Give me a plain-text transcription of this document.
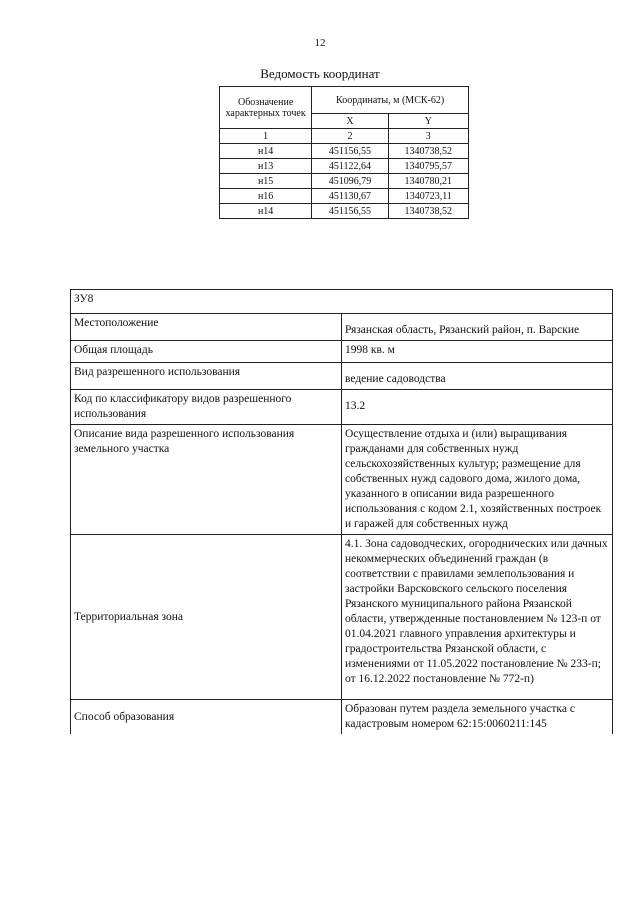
12
Ведомость координат
Обозначение характерных точек	Координаты, м (МСК-62)	
	X	Y
1	2	3
н14	451156,55	1340738,52
н13	451122,64	1340795,57
н15	451096,79	1340780,21
н16	451130,67	1340723,11
н14	451156,55	1340738,52
ЗУ8	
Местоположение	Рязанская область, Рязанский район, п. Варские
Общая площадь	1998 кв. м
Вид разрешенного использования	ведение садоводства
Код по классификатору видов разрешенного использования	13.2
Описание вида разрешенного использования земельного участка	Осуществление отдыха и (или) выращивания гражданами для собственных нужд сельскохозяйственных культур; размещение для собственных нужд садового дома, жилого дома, указанного в описании вида разрешенного использования с кодом 2.1, хозяйственных построек и гаражей для собственных нужд
Территориальная зона	4.1. Зона садоводческих, огороднических или дачных некоммерческих объединений граждан (в соответствии с правилами землепользования и застройки Варсковского сельского поселения Рязанского муниципального района Рязанской области, утвержденные постановлением № 123-п от 01.04.2021 главного управления архитектуры и градостроительства Рязанской области, с изменениями от 11.05.2022 постановление № 233-п; от 16.12.2022 постановление № 772-п)
Способ образования	Образован путем раздела земельного участка с кадастровым номером 62:15:0060211:145
